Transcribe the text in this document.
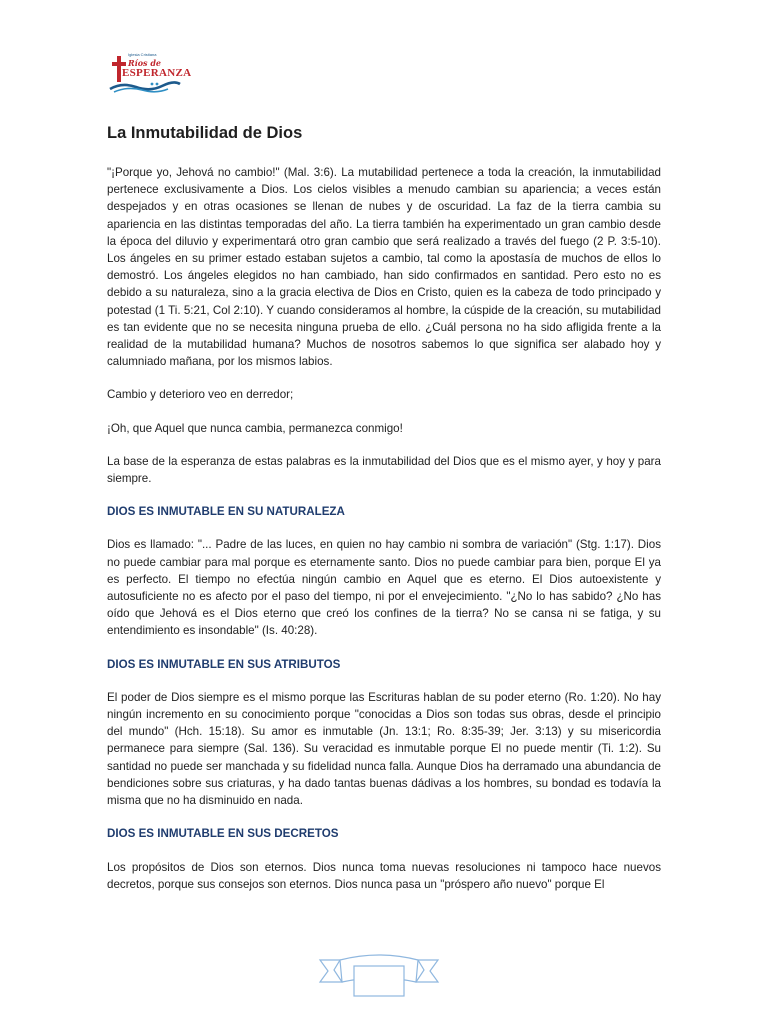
Iglesia Cristiana
Ríos de
ESPERANZA
La Inmutabilidad de Dios

"¡Porque yo, Jehová no cambio!" (Mal. 3:6). La mutabilidad pertenece a toda la creación, la inmutabilidad pertenece exclusivamente a Dios. Los cielos visibles a menudo cambian su apariencia; a veces están despejados y en otras ocasiones se llenan de nubes y de oscuridad. La faz de la tierra cambia su apariencia en las distintas temporadas del año. La tierra también ha experimentado un gran cambio desde la época del diluvio y experimentará otro gran cambio que será realizado a través del fuego (2 P. 3:5-10). Los ángeles en su primer estado estaban sujetos a cambio, tal como la apostasía de muchos de ellos lo demostró. Los ángeles elegidos no han cambiado, han sido confirmados en santidad. Pero esto no es debido a su naturaleza, sino a la gracia electiva de Dios en Cristo, quien es la cabeza de todo principado y potestad (1 Ti. 5:21, Col 2:10). Y cuando consideramos al hombre, la cúspide de la creación, su mutabilidad es tan evidente que no se necesita ninguna prueba de ello. ¿Cuál persona no ha sido afligida frente a la realidad de la mutabilidad humana? Muchos de nosotros sabemos lo que significa ser alabado hoy y calumniado mañana, por los mismos labios.

Cambio y deterioro veo en derredor;

¡Oh, que Aquel que nunca cambia, permanezca conmigo!

La base de la esperanza de estas palabras es la inmutabilidad del Dios que es el mismo ayer, y hoy y para siempre.

DIOS ES INMUTABLE EN SU NATURALEZA

Dios es llamado: "... Padre de las luces, en quien no hay cambio ni sombra de variación" (Stg. 1:17). Dios no puede cambiar para mal porque es eternamente santo. Dios no puede cambiar para bien, porque El ya es perfecto. El tiempo no efectúa ningún cambio en Aquel que es eterno. El Dios autoexistente y autosuficiente no es afecto por el paso del tiempo, ni por el envejecimiento. "¿No lo has sabido? ¿No has oído que Jehová es el Dios eterno que creó los confines de la tierra? No se cansa ni se fatiga, y su entendimiento es insondable" (Is. 40:28).

DIOS ES INMUTABLE EN SUS ATRIBUTOS

El poder de Dios siempre es el mismo porque las Escrituras hablan de su poder eterno (Ro. 1:20). No hay ningún incremento en su conocimiento porque "conocidas a Dios son todas sus obras, desde el principio del mundo" (Hch. 15:18). Su amor es inmutable (Jn. 13:1; Ro. 8:35-39; Jer. 3:13) y su misericordia permanece para siempre (Sal. 136). Su veracidad es inmutable porque El no puede mentir (Ti. 1:2). Su santidad no puede ser manchada y su fidelidad nunca falla. Aunque Dios ha derramado una abundancia de bendiciones sobre sus criaturas, y ha dado tantas buenas dádivas a los hombres, su bondad es todavía la misma que no ha disminuido en nada.

DIOS ES INMUTABLE EN SUS DECRETOS

Los propósitos de Dios son eternos. Dios nunca toma nuevas resoluciones ni tampoco hace nuevos decretos, porque sus consejos son eternos. Dios nunca pasa un "próspero año nuevo" porque El
